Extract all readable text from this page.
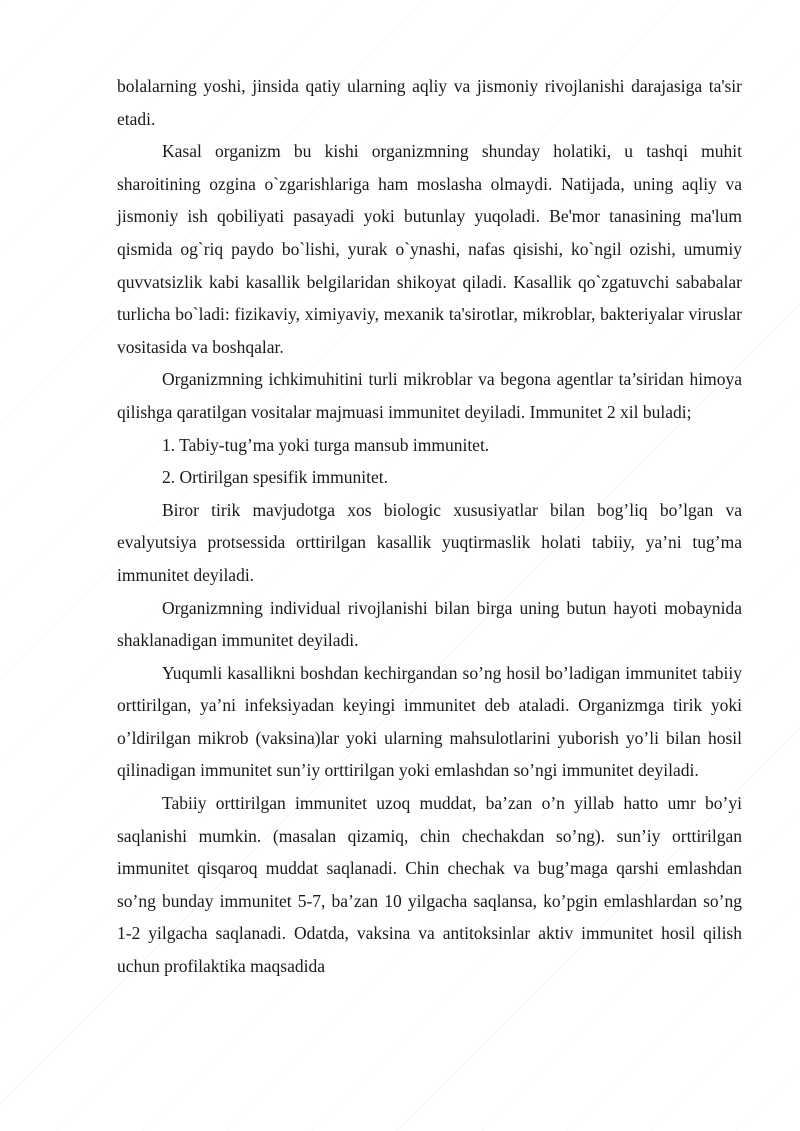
bolalarning yoshi, jinsida qatiy ularning aqliy va jismoniy rivojlanishi darajasiga ta'sіr etadi.

Kasal organizm bu kishi organizmning shunday holatiki, u tashqi muhit sharoitining ozgina o`zgarishlariga ham moslasha olmaydi. Natijada, uning aqliy va jismoniy ish qobiliyati pasayadi yoki butunlay yuqoladi. Be'mor tanasining ma'lum qismida og`riq paydo bo`lishi, yurak o`ynashi, nafas qisishi, ko`ngil ozishi, umumiy quvvatsizlik kabi kasallik belgilaridan shikoyat qiladi. Kasallik qo`zgatuvchi sababalar turlicha bo`ladi: fizikaviy, ximiyaviy, mexanik ta'sіrotlar, mikroblar, bakteriyalar viruslar vositasida va boshqalar.

Organizmning ichkimuhitini turli mikroblar va begona agentlar ta’siridan himoya qilishga qaratilgan vositalar majmuasi immunitet deyiladi. Immunitet 2 xil buladi;

1. Tabiy-tug’ma yoki turga mansub immunitet.

2. Ortirilgan spesifik immunitet.

Biror tirik mavjudotga xos biologic xususiyatlar bilan bog’liq bo’lgan va evalyutsiya protsessida orttirilgan kasallik yuqtirmaslik holati tabiiy, ya’ni tug’ma immunitet deyiladi.

Organizmning individual rivojlanishi bilan birga uning butun hayoti mobaynida shaklanadigan immunitet deyiladi.

Yuqumli kasallikni boshdan kechirgandan so’ng hosil bo’ladigan immunitet tabiiy orttirilgan, ya’ni infeksiyadan keyingi immunitet deb ataladi. Organizmga tirik yoki o’ldirilgan mikrob (vaksina)lar yoki ularning mahsulotlarini yuborish yo’li bilan hosil qilinadigan immunitet sun’iy orttirilgan yoki emlashdan so’ngi immunitet deyiladi.

Tabiiy orttirilgan immunitet uzoq muddat, ba’zan o’n yillab hatto umr bo’yi saqlanishi mumkin. (masalan qizamiq, chin chechakdan so’ng). sun’iy orttirilgan immunitet qisqaroq muddat saqlanadi. Chin chechak va bug’maga qarshi emlashdan so’ng bunday immunitet 5-7, ba’zan 10 yilgacha saqlansa, ko’pgin emlashlardan so’ng 1-2 yilgacha saqlanadi. Odatda, vaksina va antitoksinlar aktiv immunitet hosil qilish uchun profilaktika maqsadida
